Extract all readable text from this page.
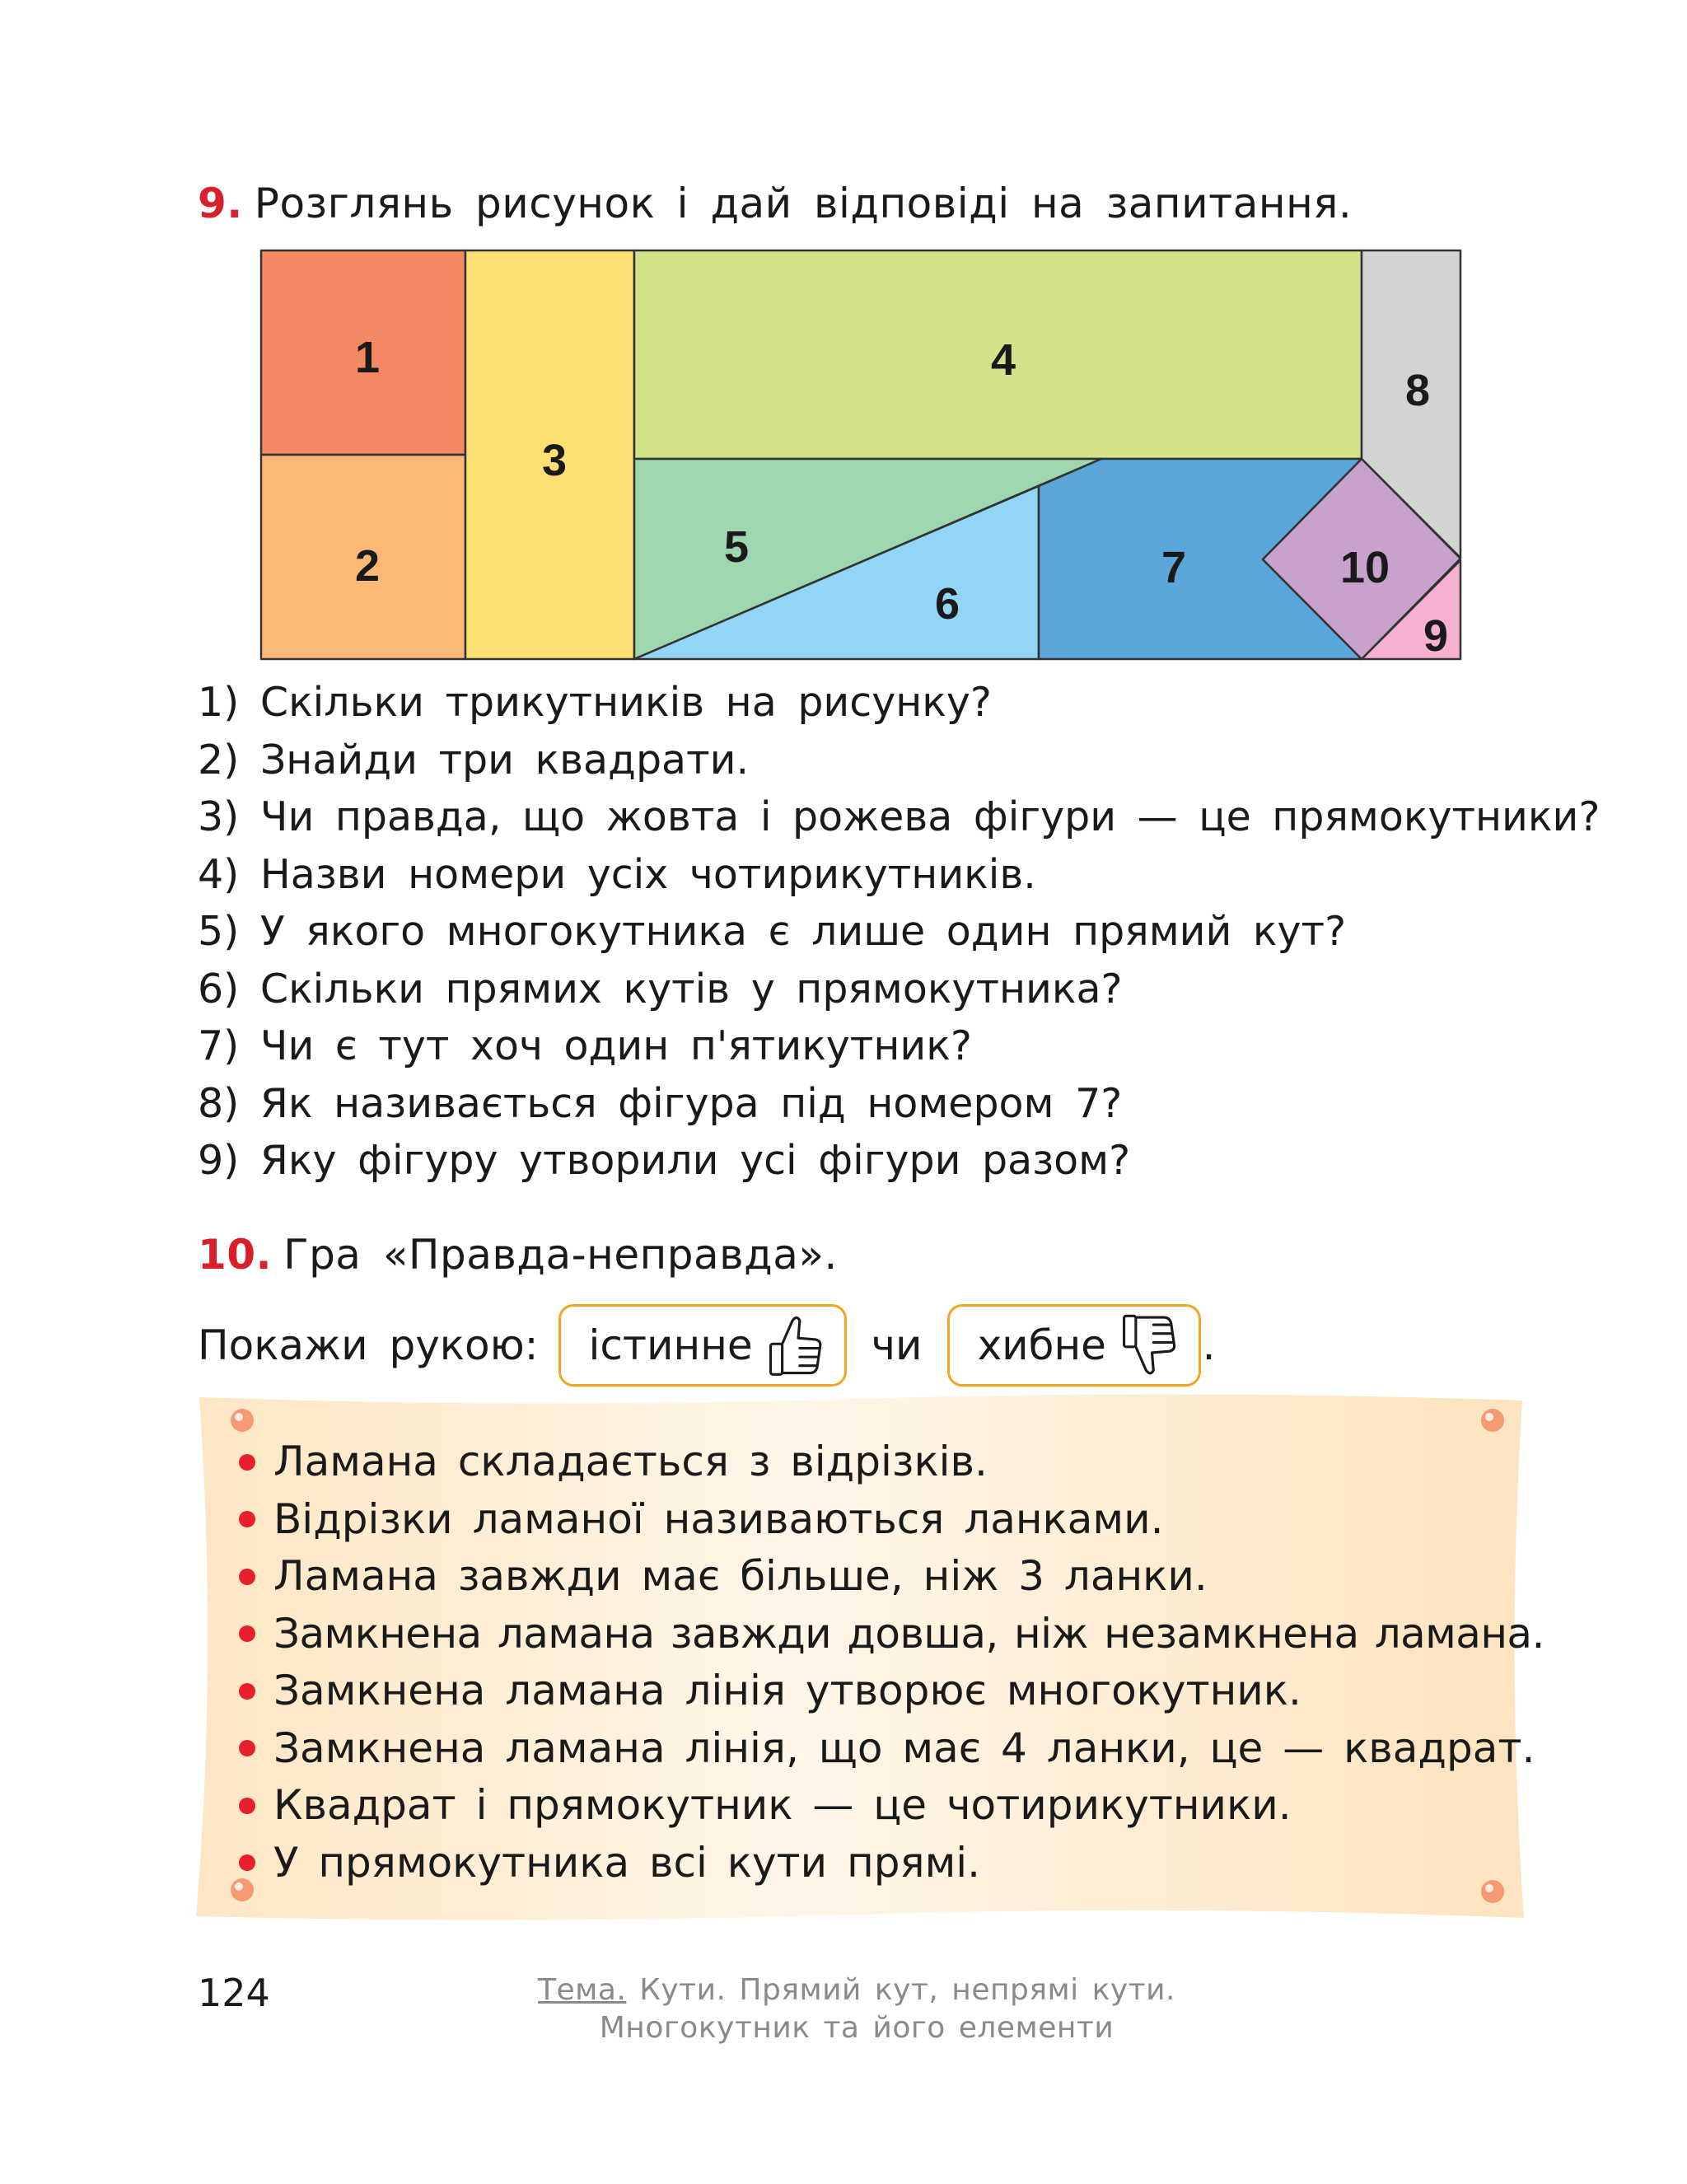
9. Розглянь рисунок і дай відповіді на запитання.
1
2
3
4
5
6
7
8
9
10
1) Скільки трикутників на рисунку?
2) Знайди три квадрати.
3) Чи правда, що жовта і рожева фігури — це прямокутники?
4) Назви номери усіх чотирикутників.
5) У якого многокутника є лише один прямий кут?
6) Скільки прямих кутів у прямокутника?
7) Чи є тут хоч один п'ятикутник?
8) Як називається фігура під номером 7?
9) Яку фігуру утворили усі фігури разом?
10. Гра «Правда-неправда».
Покажи рукою: істинне	чи хибне .
Ламана складається з відрізків.
Відрізки ламаної називаються ланками.
Ламана завжди має більше, ніж 3 ланки.
Замкнена ламана завжди довша, ніж незамкнена ламана.
Замкнена ламана лінія утворює многокутник.
Замкнена ламана лінія, що має 4 ланки, це — квадрат.
Квадрат і прямокутник — це чотирикутники.
У прямокутника всі кути прямі.
124	Тема. Кути. Прямий кут, непрямі кути.
Многокутник та його елементи
